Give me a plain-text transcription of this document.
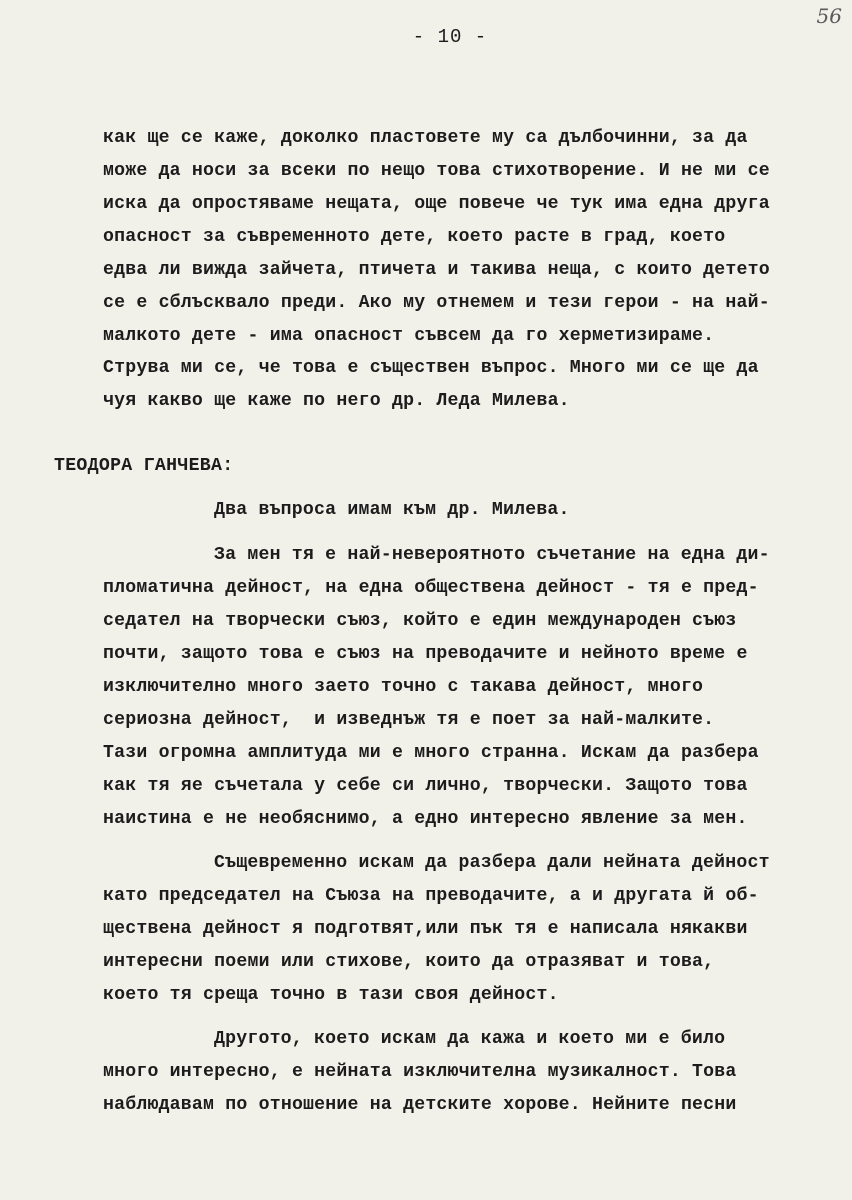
- 10 -
56
как ще се каже, доколко пластовете му са дълбочинни, за да
може да носи за всеки по нещо това стихотворение. И не ми се
иска да опростяваме нещата, още повече че тук има една друга
опасност за съвременното дете, което расте в град, което
едва ли вижда зайчета, птичета и такива неща, с които детето
се е сблъсквало преди. Ако му отнемем и тези герои - на най-
малкото дете - има опасност съвсем да го херметизираме.
Струва ми се, че това е съществен въпрос. Много ми се ще да
чуя какво ще каже по него др. Леда Милева.
ТЕОДОРА ГАНЧЕВА:
Два въпроса имам към др. Милева.
За мен тя е най-невероятното съчетание на една ди-
пломатична дейност, на една обществена дейност - тя е пред-
седател на творчески съюз, който е един международен съюз
почти, защото това е съюз на преводачите и нейното време е
изключително много заето точно с такава дейност, много
сериозна дейност,  и изведнъж тя е поет за най-малките.
Тази огромна амплитуда ми е много странна. Искам да разбера
как тя яе съчетала у себе си лично, творчески. Защото това
наистина е не необяснимо, а едно интересно явление за мен.
Същевременно искам да разбера дали нейната дейност
като председател на Съюза на преводачите, а и другата й об-
ществена дейност я подготвят,или пък тя е написала някакви
интересни поеми или стихове, които да отразяват и това,
което тя среща точно в тази своя дейност.
Другото, което искам да кажа и което ми е било
много интересно, е нейната изключителна музикалност. Това
наблюдавам по отношение на детските хорове. Нейните песни
